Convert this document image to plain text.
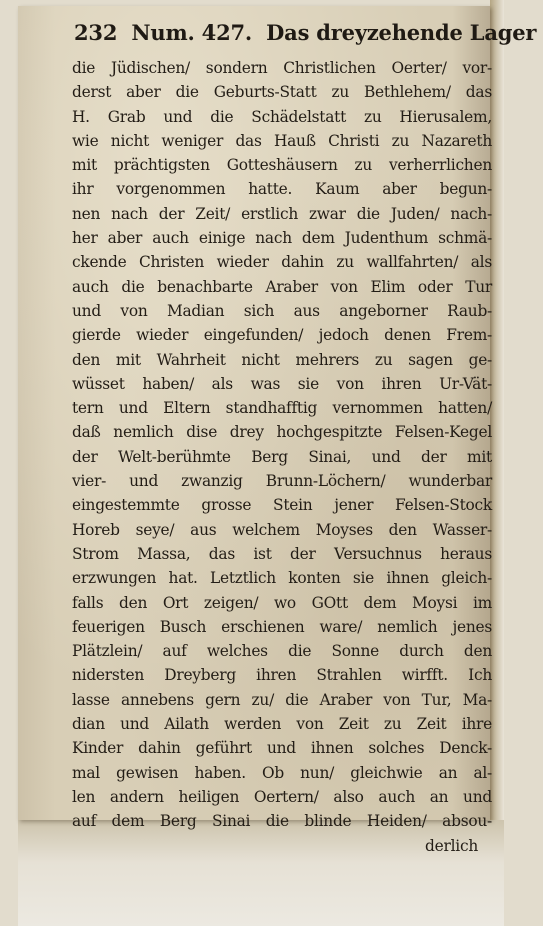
232 Num. 427. Das dreyzehende Lager
die Jüdischen/ sondern Christlichen Oerter/ vor-
derst aber die Geburts-Statt zu Bethlehem/ das
H. Grab und die Schädelstatt zu Hierusalem,
wie nicht weniger das Hauß Christi zu Nazareth
mit prächtigsten Gotteshäusern zu verherrlichen
ihr vorgenommen hatte. Kaum aber begun-
nen nach der Zeit/ erstlich zwar die Juden/ nach-
her aber auch einige nach dem Judenthum schmä-
ckende Christen wieder dahin zu wallfahrten/ als
auch die benachbarte Araber von Elim oder Tur
und von Madian sich aus angeborner Raub-
gierde wieder eingefunden/ jedoch denen Frem-
den mit Wahrheit nicht mehrers zu sagen ge-
wüsset haben/ als was sie von ihren Ur-Vät-
tern und Eltern standhafftig vernommen hatten/
daß nemlich dise drey hochgespitzte Felsen-Kegel
der Welt-berühmte Berg Sinai, und der mit
vier- und zwanzig Brunn-Löchern/ wunderbar
eingestemmte grosse Stein jener Felsen-Stock
Horeb seye/ aus welchem Moyses den Wasser-
Strom Massa, das ist der Versuchnus heraus
erzwungen hat. Letztlich konten sie ihnen gleich-
falls den Ort zeigen/ wo GOtt dem Moysi im
feuerigen Busch erschienen ware/ nemlich jenes
Plätzlein/ auf welches die Sonne durch den
nidersten Dreyberg ihren Strahlen wirfft. Ich
lasse annebens gern zu/ die Araber von Tur, Ma-
dian und Ailath werden von Zeit zu Zeit ihre
Kinder dahin geführt und ihnen solches Denck-
mal gewisen haben. Ob nun/ gleichwie an al-
len andern heiligen Oertern/ also auch an und
auf dem Berg Sinai die blinde Heiden/ absou-
derlich
